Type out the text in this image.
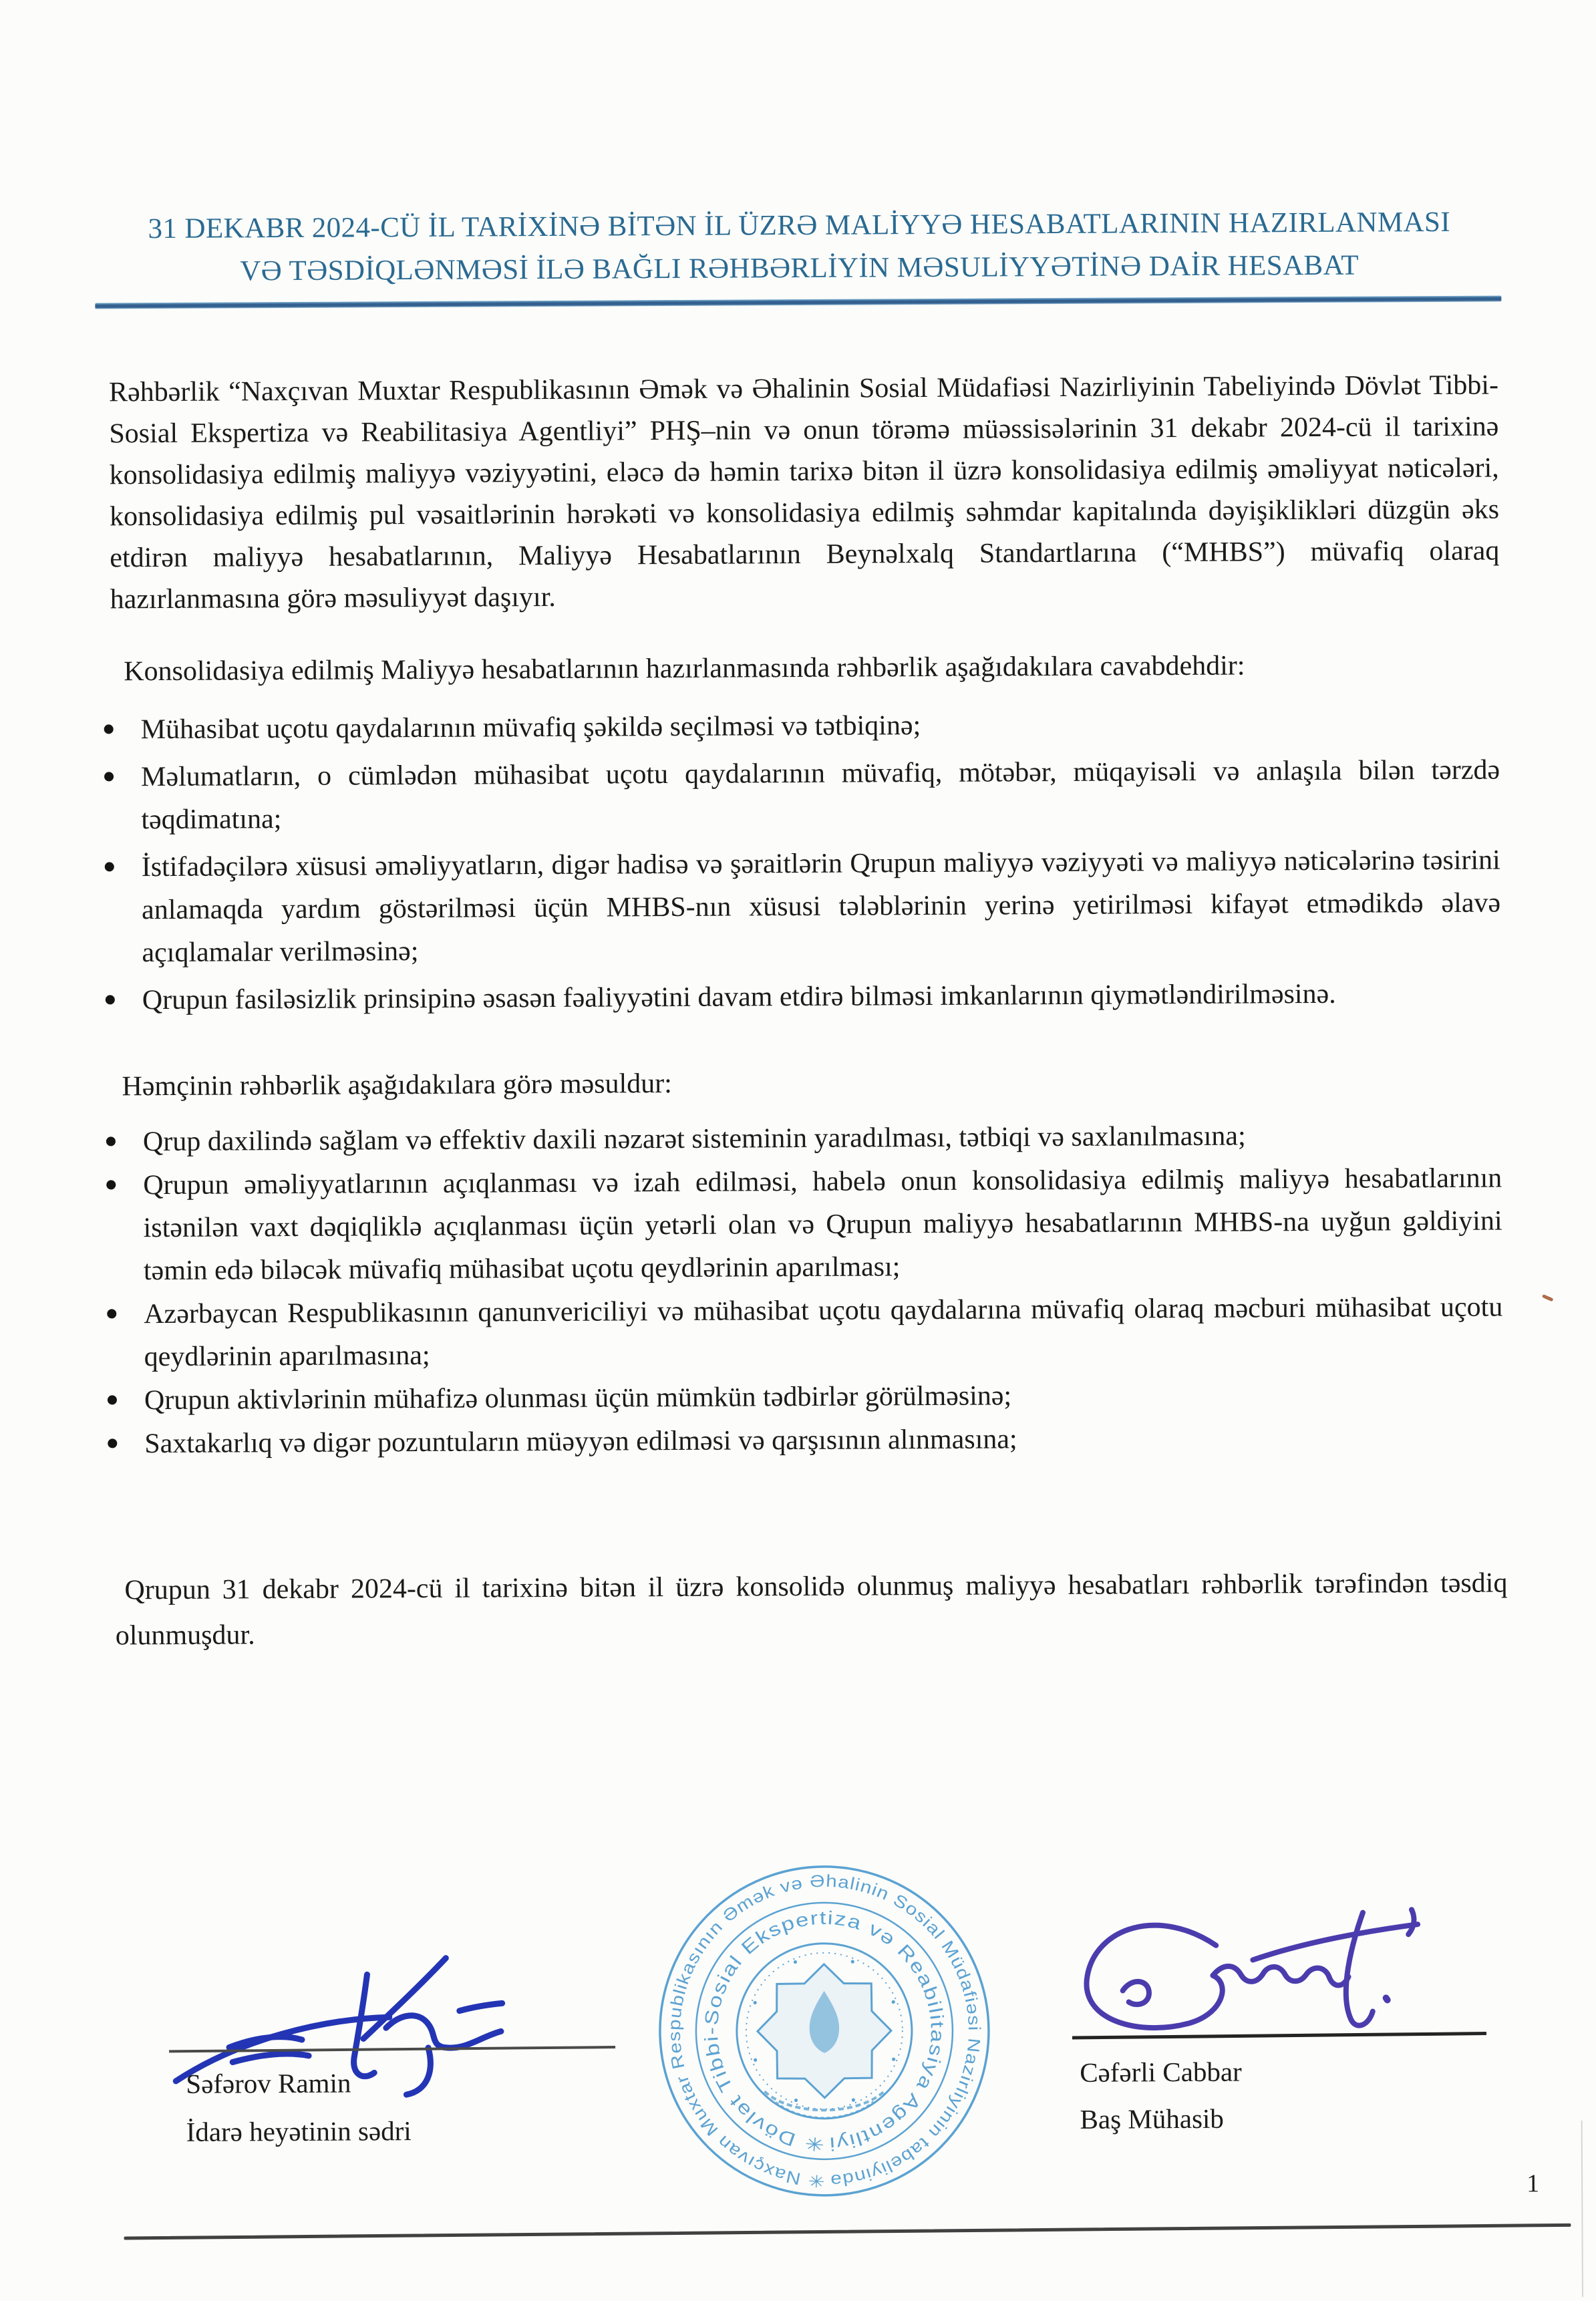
31 DEKABR 2024-CÜ İL TARİXİNƏ BİTƏN İL ÜZRƏ MALİYYƏ HESABATLARININ HAZIRLANMASI
VƏ TƏSDİQLƏNMƏSİ İLƏ BAĞLI RƏHBƏRLİYİN MƏSULİYYƏTİNƏ DAİR HESABAT

Rəhbərlik “Naxçıvan Muxtar Respublikasının Əmək və Əhalinin Sosial Müdafiəsi Nazirliyinin Tabeliyində Dövlət Tibbi-Sosial Ekspertiza və Reabilitasiya Agentliyi” PHŞ–nin və onun törəmə müəssisələrinin 31 dekabr 2024-cü il tarixinə konsolidasiya edilmiş maliyyə vəziyyətini, eləcə də həmin tarixə bitən il üzrə konsolidasiya edilmiş əməliyyat nəticələri, konsolidasiya edilmiş pul vəsaitlərinin hərəkəti və konsolidasiya edilmiş səhmdar kapitalında dəyişiklikləri düzgün əks etdirən maliyyə hesabatlarının, Maliyyə Hesabatlarının Beynəlxalq Standartlarına (“MHBS”) müvafiq olaraq hazırlanmasına görə məsuliyyət daşıyır.

Konsolidasiya edilmiş Maliyyə hesabatlarının hazırlanmasında rəhbərlik aşağıdakılara cavabdehdir:

Mühasibat uçotu qaydalarının müvafiq şəkildə seçilməsi və tətbiqinə;
Məlumatların, o cümlədən mühasibat uçotu qaydalarının müvafiq, mötəbər, müqayisəli və anlaşıla bilən tərzdə təqdimatına;
İstifadəçilərə xüsusi əməliyyatların, digər hadisə və şəraitlərin Qrupun maliyyə vəziyyəti və maliyyə nəticələrinə təsirini anlamaqda yardım göstərilməsi üçün MHBS-nın xüsusi tələblərinin yerinə yetirilməsi kifayət etmədikdə əlavə açıqlamalar verilməsinə;
Qrupun fasiləsizlik prinsipinə əsasən fəaliyyətini davam etdirə bilməsi imkanlarının qiymətləndirilməsinə.

Həmçinin rəhbərlik aşağıdakılara görə məsuldur:

Qrup daxilində sağlam və effektiv daxili nəzarət sisteminin yaradılması, tətbiqi və saxlanılmasına;
Qrupun əməliyyatlarının açıqlanması və izah edilməsi, habelə onun konsolidasiya edilmiş maliyyə hesabatlarının istənilən vaxt dəqiqliklə açıqlanması üçün yetərli olan və Qrupun maliyyə hesabatlarının MHBS-na uyğun gəldiyini təmin edə biləcək müvafiq mühasibat uçotu qeydlərinin aparılması;
Azərbaycan Respublikasının qanunvericiliyi və mühasibat uçotu qaydalarına müvafiq olaraq məcburi mühasibat uçotu qeydlərinin aparılmasına;
Qrupun aktivlərinin mühafizə olunması üçün mümkün tədbirlər görülməsinə;
Saxtakarlıq və digər pozuntuların müəyyən edilməsi və qarşısının alınmasına;

Qrupun 31 dekabr 2024-cü il tarixinə bitən il üzrə konsolidə olunmuş maliyyə hesabatları rəhbərlik tərəfindən təsdiq olunmuşdur.

✳ Naxçıvan Muxtar Respublikasının Əmək və Əhalinin Sosial Müdafiəsi Nazirliyinin tabeliyində
✳ Dövlət Tibbi-Sosial Ekspertiza və Reabilitasiya Agentliyi
Səfərov Ramin
İdarə heyətinin sədri
Cəfərli Cabbar
Baş Mühasib
1
